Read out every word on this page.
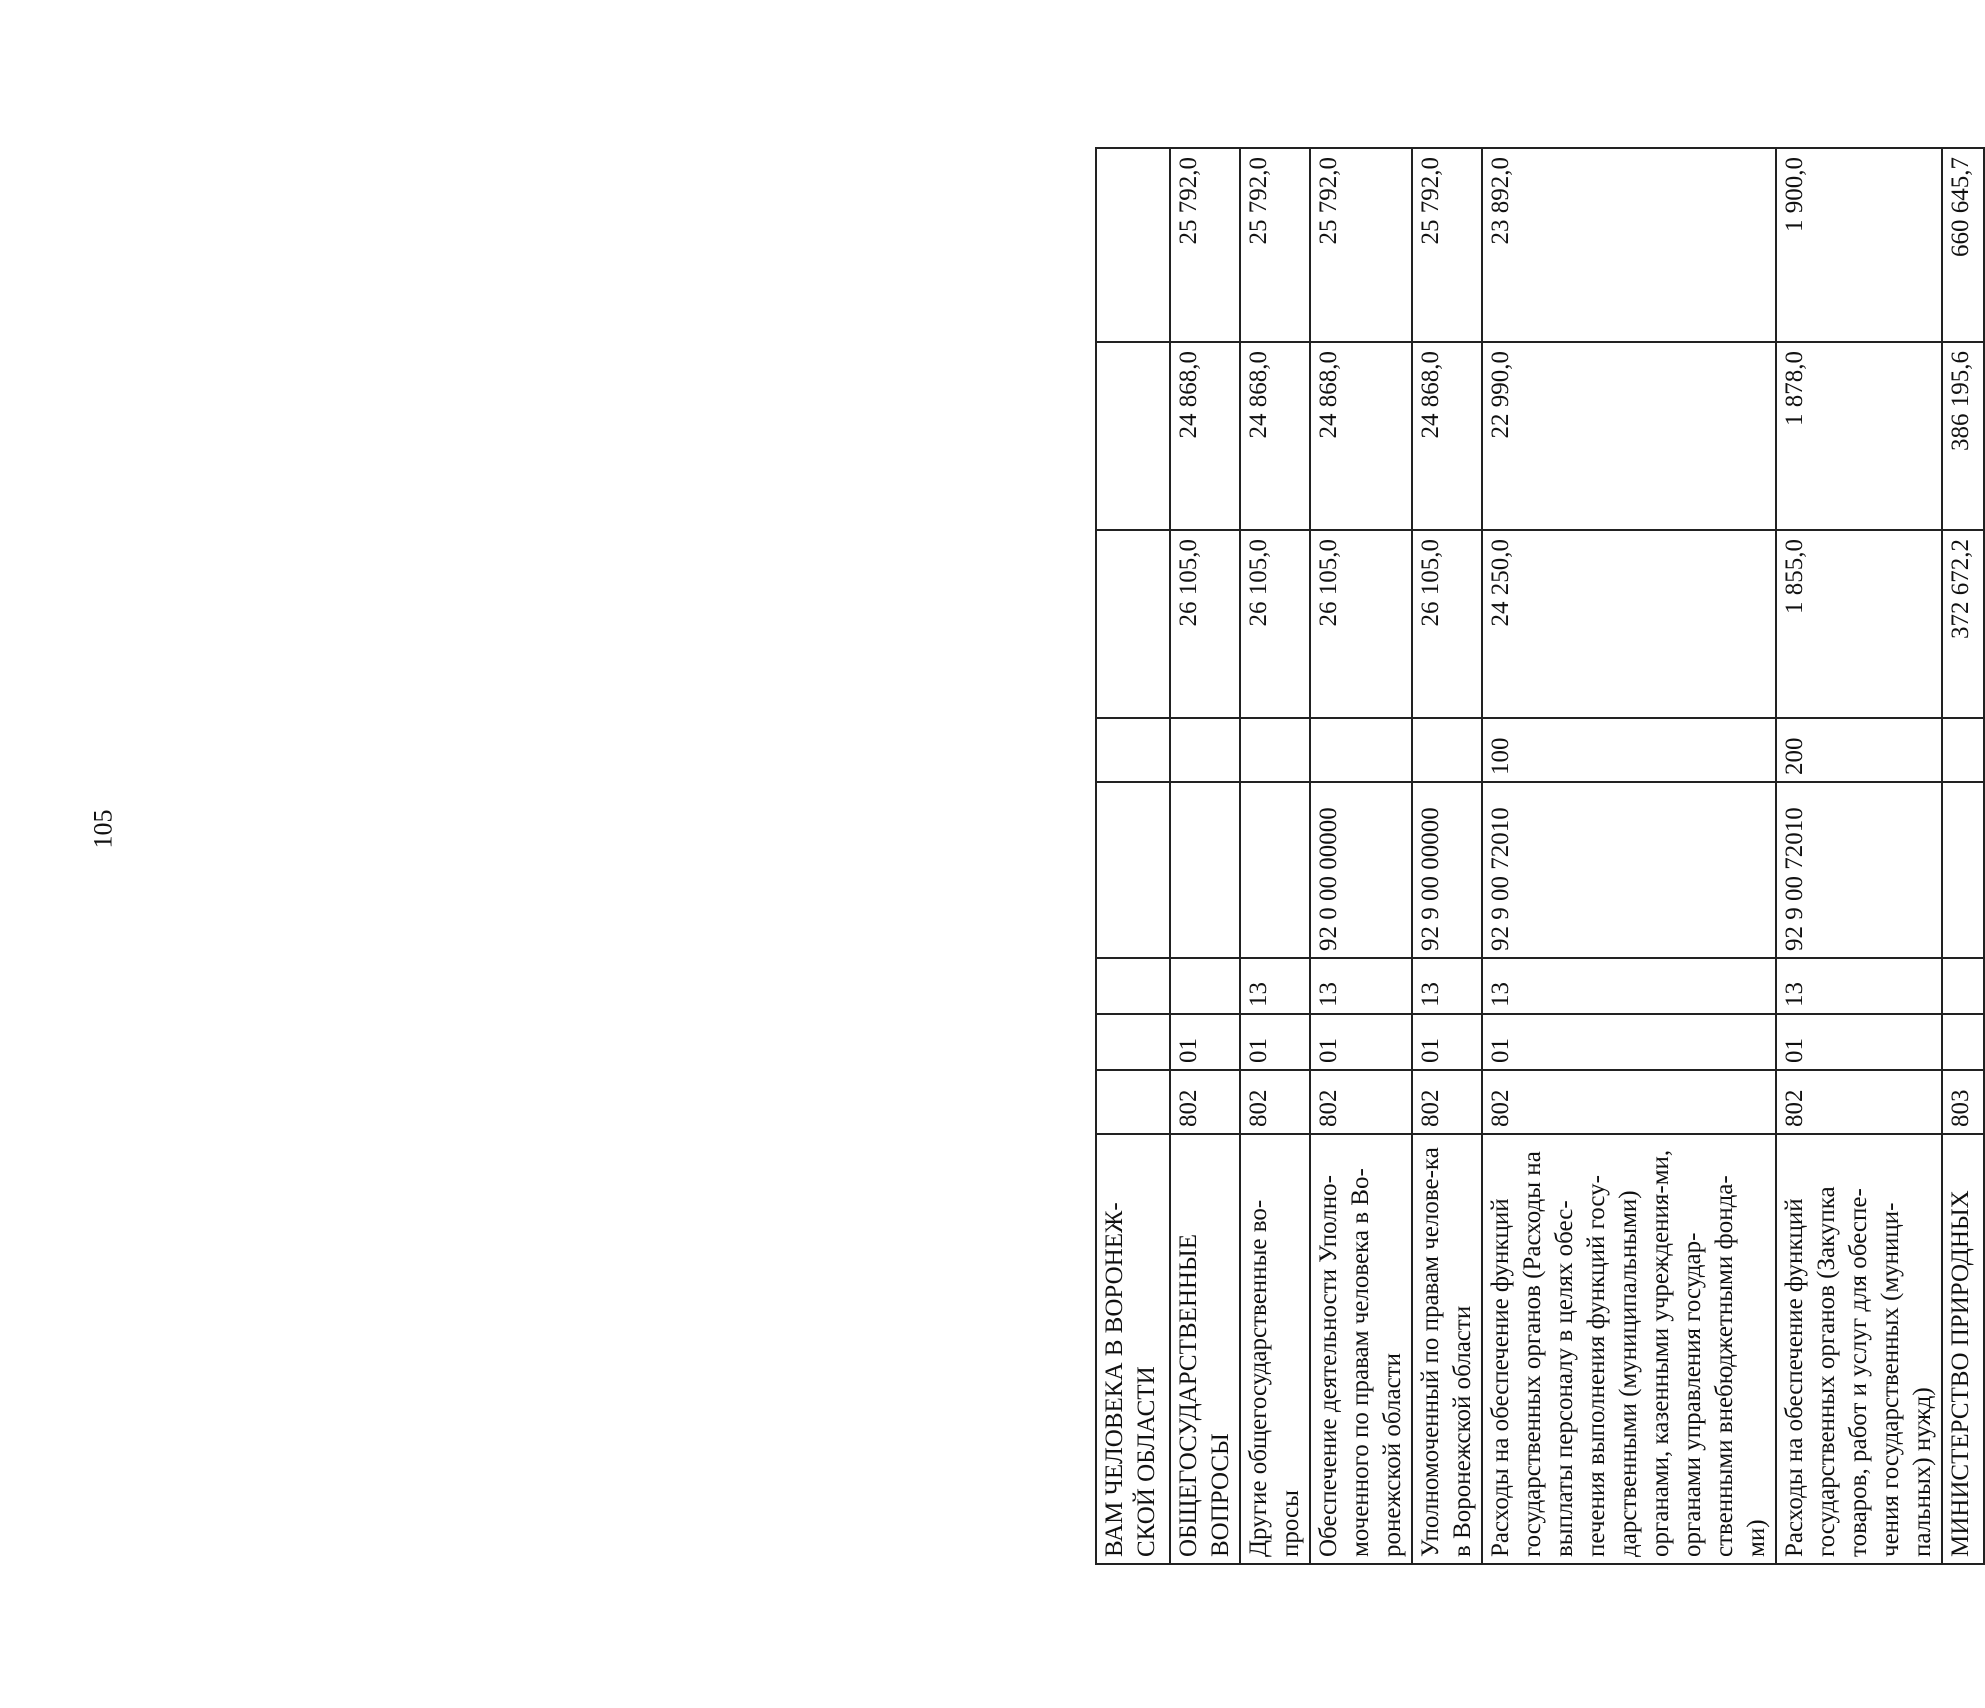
105
ВАМ ЧЕЛОВЕКА В ВОРОНЕЖ-СКОЙ ОБЛАСТИ								
ОБЩЕГОСУДАРСТВЕННЫЕ ВОПРОСЫ	802	01				26 105,0	24 868,0	25 792,0
Другие общегосударственные во-просы	802	01	13			26 105,0	24 868,0	25 792,0
Обеспечение деятельности Уполно-моченного по правам человека в Во-ронежской области	802	01	13	92 0 00 00000		26 105,0	24 868,0	25 792,0
Уполномоченный по правам челове-ка в Воронежской области	802	01	13	92 9 00 00000		26 105,0	24 868,0	25 792,0
Расходы на обеспечение функций государственных органов (Расходы на выплаты персоналу в целях обес-печения выполнения функций госу-дарственными (муниципальными) органами, казенными учреждения-ми, органами управления государ-ственными внебюджетными фонда-ми)	802	01	13	92 9 00 72010	100	24 250,0	22 990,0	23 892,0
Расходы на обеспечение функций государственных органов (Закупка товаров, работ и услуг для обеспе-чения государственных (муници-пальных) нужд)	802	01	13	92 9 00 72010	200	1 855,0	1 878,0	1 900,0
МИНИСТЕРСТВО ПРИРОДНЫХ	803					372 672,2	386 195,6	660 645,7
